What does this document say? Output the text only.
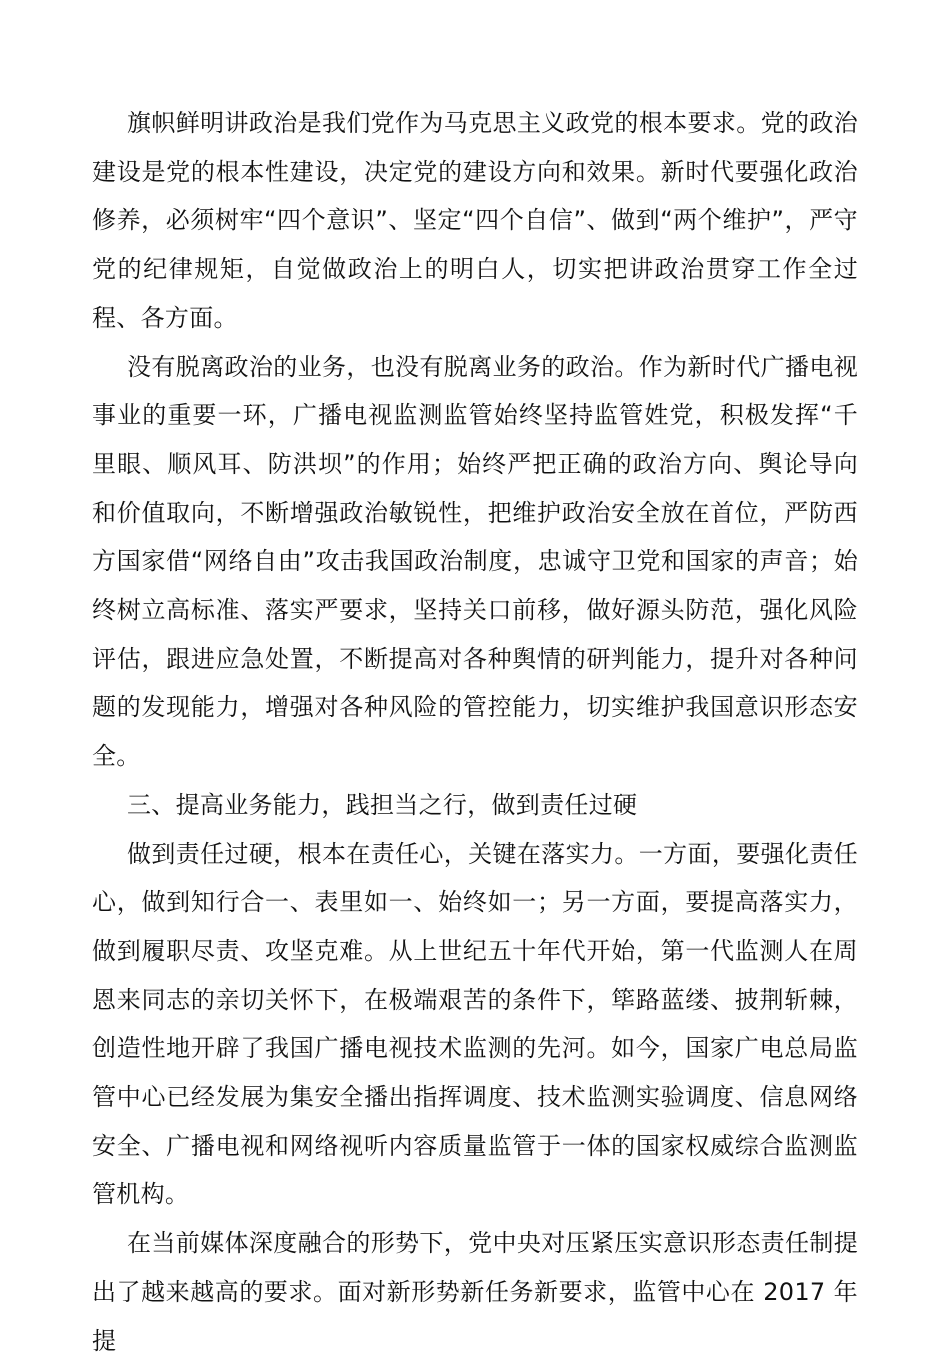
旗帜鲜明讲政治是我们党作为马克思主义政党的根本要求。党的政治建设是党的根本性建设，决定党的建设方向和效果。新时代要强化政治修养，必须树牢“四个意识”、坚定“四个自信”、做到“两个维护”，严守党的纪律规矩，自觉做政治上的明白人，切实把讲政治贯穿工作全过程、各方面。

没有脱离政治的业务，也没有脱离业务的政治。作为新时代广播电视事业的重要一环，广播电视监测监管始终坚持监管姓党，积极发挥“千里眼、顺风耳、防洪坝”的作用；始终严把正确的政治方向、舆论导向和价值取向，不断增强政治敏锐性，把维护政治安全放在首位，严防西方国家借“网络自由”攻击我国政治制度，忠诚守卫党和国家的声音；始终树立高标准、落实严要求，坚持关口前移，做好源头防范，强化风险评估，跟进应急处置，不断提高对各种舆情的研判能力，提升对各种问题的发现能力，增强对各种风险的管控能力，切实维护我国意识形态安全。

三、提高业务能力，践担当之行，做到责任过硬

做到责任过硬，根本在责任心，关键在落实力。一方面，要强化责任心，做到知行合一、表里如一、始终如一；另一方面，要提高落实力，做到履职尽责、攻坚克难。从上世纪五十年代开始，第一代监测人在周恩来同志的亲切关怀下，在极端艰苦的条件下，筚路蓝缕、披荆斩棘，创造性地开辟了我国广播电视技术监测的先河。如今，国家广电总局监管中心已经发展为集安全播出指挥调度、技术监测实验调度、信息网络安全、广播电视和网络视听内容质量监管于一体的国家权威综合监测监管机构。

在当前媒体深度融合的形势下，党中央对压紧压实意识形态责任制提出了越来越高的要求。面对新形势新任务新要求，监管中心在 2017 年提
